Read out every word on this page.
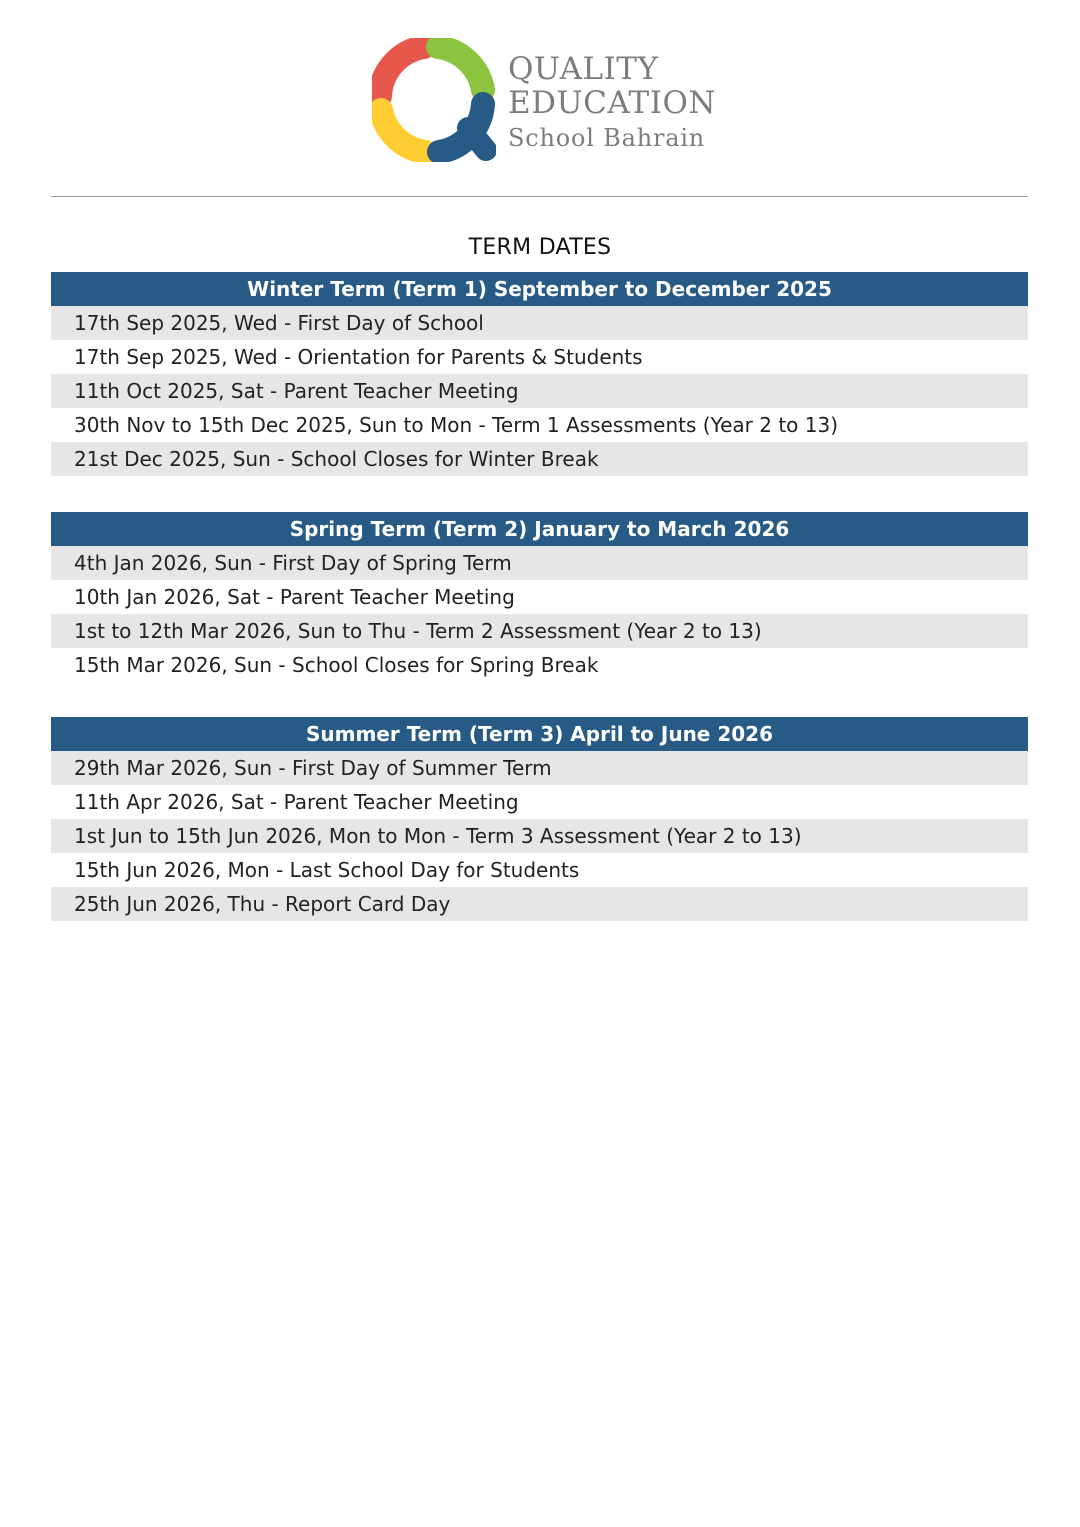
QUALITY
EDUCATION
School Bahrain
TERM DATES
Winter Term (Term 1) September to December 2025
17th Sep 2025, Wed - First Day of School
17th Sep 2025, Wed - Orientation for Parents & Students
11th Oct 2025, Sat - Parent Teacher Meeting
30th Nov to 15th Dec 2025, Sun to Mon - Term 1 Assessments (Year 2 to 13)
21st Dec 2025, Sun - School Closes for Winter Break
Spring Term (Term 2) January to March 2026
4th Jan 2026, Sun - First Day of Spring Term
10th Jan 2026, Sat - Parent Teacher Meeting
1st to 12th Mar 2026, Sun to Thu - Term 2 Assessment (Year 2 to 13)
15th Mar 2026, Sun - School Closes for Spring Break
Summer Term (Term 3) April to June 2026
29th Mar 2026, Sun - First Day of Summer Term
11th Apr 2026, Sat - Parent Teacher Meeting
1st Jun to 15th Jun 2026, Mon to Mon - Term 3 Assessment (Year 2 to 13)
15th Jun 2026, Mon - Last School Day for Students
25th Jun 2026, Thu - Report Card Day
